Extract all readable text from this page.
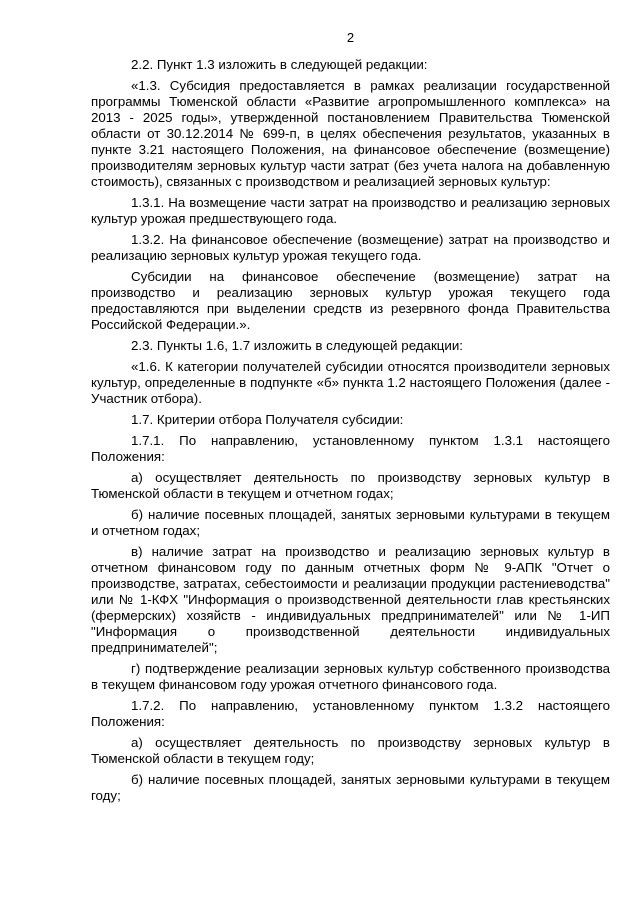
2

2.2. Пункт 1.3 изложить в следующей редакции:

«1.3. Субсидия предоставляется в рамках реализации государственной программы Тюменской области «Развитие агропромышленного комплекса» на 2013 - 2025 годы», утвержденной постановлением Правительства Тюменской области от 30.12.2014 № 699-п, в целях обеспечения результатов, указанных в пункте 3.21 настоящего Положения, на финансовое обеспечение (возмещение) производителям зерновых культур части затрат (без учета налога на добавленную стоимость), связанных с производством и реализацией зерновых культур:

1.3.1. На возмещение части затрат на производство и реализацию зерновых культур урожая предшествующего года.

1.3.2. На финансовое обеспечение (возмещение) затрат на производство и реализацию зерновых культур урожая текущего года.

Субсидии на финансовое обеспечение (возмещение) затрат на производство и реализацию зерновых культур урожая текущего года предоставляются при выделении средств из резервного фонда Правительства Российской Федерации.».

2.3. Пункты 1.6, 1.7 изложить в следующей редакции:

«1.6. К категории получателей субсидии относятся производители зерновых культур, определенные в подпункте «б» пункта 1.2 настоящего Положения (далее - Участник отбора).

1.7. Критерии отбора Получателя субсидии:

1.7.1. По направлению, установленному пунктом 1.3.1 настоящего Положения:

а) осуществляет деятельность по производству зерновых культур в Тюменской области в текущем и отчетном годах;

б) наличие посевных площадей, занятых зерновыми культурами в текущем и отчетном годах;

в) наличие затрат на производство и реализацию зерновых культур в отчетном финансовом году по данным отчетных форм № 9-АПК "Отчет о производстве, затратах, себестоимости и реализации продукции растениеводства" или № 1-КФХ "Информация о производственной деятельности глав крестьянских (фермерских) хозяйств - индивидуальных предпринимателей" или № 1-ИП "Информация о производственной деятельности индивидуальных предпринимателей";

г) подтверждение реализации зерновых культур собственного производства в текущем финансовом году урожая отчетного финансового года.

1.7.2. По направлению, установленному пунктом 1.3.2 настоящего Положения:

а) осуществляет деятельность по производству зерновых культур в Тюменской области в текущем году;

б) наличие посевных площадей, занятых зерновыми культурами в текущем году;
